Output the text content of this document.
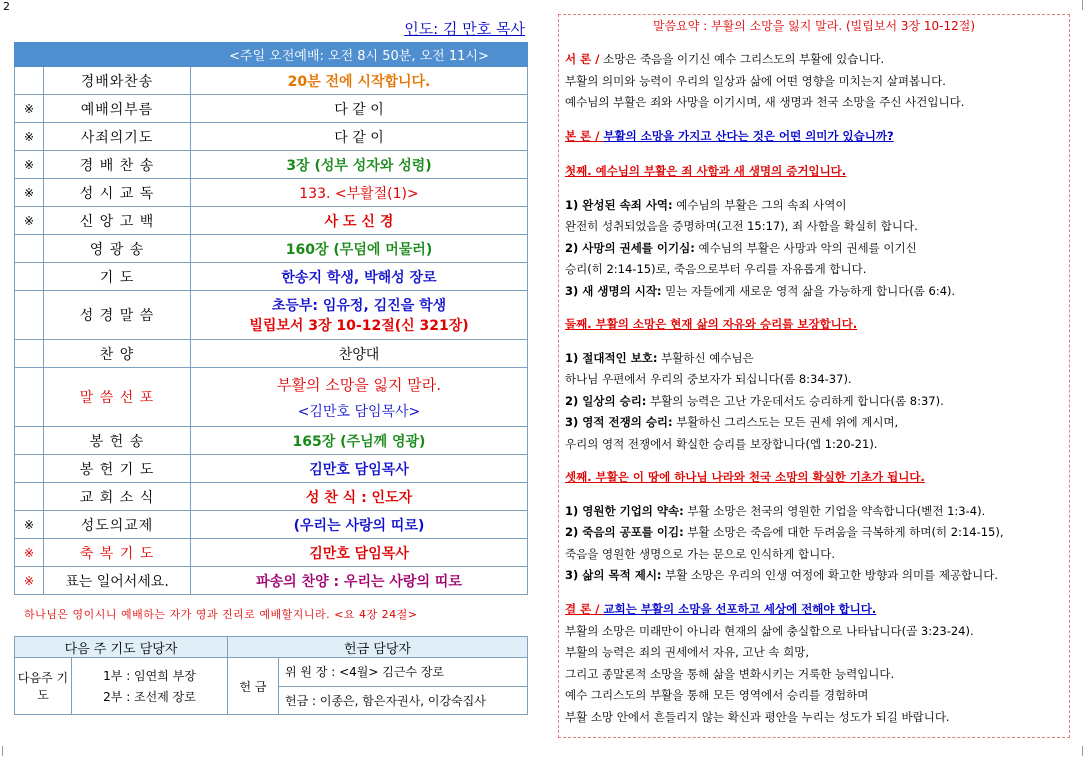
2
인도: 김 만호 목사
		<주일 오전예배: 오전 8시 50분, 오전 11시>
	경배와찬송	20분 전에 시작합니다.
※	예배의부름	다 같 이
※	사죄의기도	다 같 이
※	경 배 찬 송	3장 (성부 성자와 성령)
※	성 시 교 독	133. <부활절(1)>
※	신 앙 고 백	사 도 신 경
	영 광 송	160장 (무덤에 머물러)
	기 도	한송지 학생, 박해성 장로
	성 경 말 씀	초등부: 임유정, 김진을 학생
빌립보서 3장 10-12절(신 321장)

	찬 양	찬양대
	말 씀 선 포	부활의 소망을 잃지 말라.
<김만호 담임목사>

	봉 헌 송	165장 (주님께 영광)
	봉 헌 기 도	김만호 담임목사
	교 회 소 식	성 찬 식 : 인도자
※	성도의교제	(우리는 사랑의 띠로)
※	축 복 기 도	김만호 담임목사
※	표는 일어서세요.	파송의 찬양 : 우리는 사랑의 띠로
하나님은 영이시니 예배하는 자가 영과 진리로 예배할지니라. <요 4장 24절>
다음 주 기도 담당자		헌금 담당자	
다음주 기 도	1부 : 임연희 부장
2부 : 조선제 장로	헌 금	위 원 장 : <4월> 김근수 장로
			헌금 : 이종은, 함은자권사, 이강숙집사
말씀요약 : 부활의 소망을 잃지 말라. (빌립보서 3장 10-12절)
서 론 / 소망은 죽음을 이기신 예수 그리스도의 부활에 있습니다.
부활의 의미와 능력이 우리의 일상과 삶에 어떤 영향을 미치는지 살펴봅니다.
예수님의 부활은 죄와 사망을 이기시며, 새 생명과 천국 소망을 주신 사건입니다.
본 론 / 부활의 소망을 가지고 산다는 것은 어떤 의미가 있습니까?
첫째. 예수님의 부활은 죄 사함과 새 생명의 증거입니다.
1) 완성된 속죄 사역: 예수님의 부활은 그의 속죄 사역이
완전히 성취되었음을 증명하며(고전 15:17), 죄 사함을 확실히 합니다.
2) 사망의 권세를 이기심: 예수님의 부활은 사망과 악의 권세를 이기신
승리(히 2:14-15)로, 죽음으로부터 우리를 자유롭게 합니다.
3) 새 생명의 시작: 믿는 자들에게 새로운 영적 삶을 가능하게 합니다(롬 6:4).
둘째. 부활의 소망은 현재 삶의 자유와 승리를 보장합니다.
1) 절대적인 보호: 부활하신 예수님은
하나님 우편에서 우리의 중보자가 되십니다(롬 8:34-37).
2) 일상의 승리: 부활의 능력은 고난 가운데서도 승리하게 합니다(롬 8:37).
3) 영적 전쟁의 승리: 부활하신 그리스도는 모든 권세 위에 계시며,
우리의 영적 전쟁에서 확실한 승리를 보장합니다(엡 1:20-21).
셋째. 부활은 이 땅에 하나님 나라와 천국 소망의 확실한 기초가 됩니다.
1) 영원한 기업의 약속: 부활 소망은 천국의 영원한 기업을 약속합니다(벧전 1:3-4).
2) 죽음의 공포를 이김: 부활 소망은 죽음에 대한 두려움을 극복하게 하며(히 2:14-15),
죽음을 영원한 생명으로 가는 문으로 인식하게 합니다.
3) 삶의 목적 제시: 부활 소망은 우리의 인생 여정에 확고한 방향과 의미를 제공합니다.
결 론 / 교회는 부활의 소망을 선포하고 세상에 전해야 합니다.
부활의 소망은 미래만이 아니라 현재의 삶에 충실함으로 나타납니다(골 3:23-24).
부활의 능력은 죄의 권세에서 자유, 고난 속 희망,
그리고 종말론적 소망을 통해 삶을 변화시키는 거룩한 능력입니다.
예수 그리스도의 부활을 통해 모든 영역에서 승리를 경험하며
부활 소망 안에서 흔들리지 않는 확신과 평안을 누리는 성도가 되길 바랍니다.
